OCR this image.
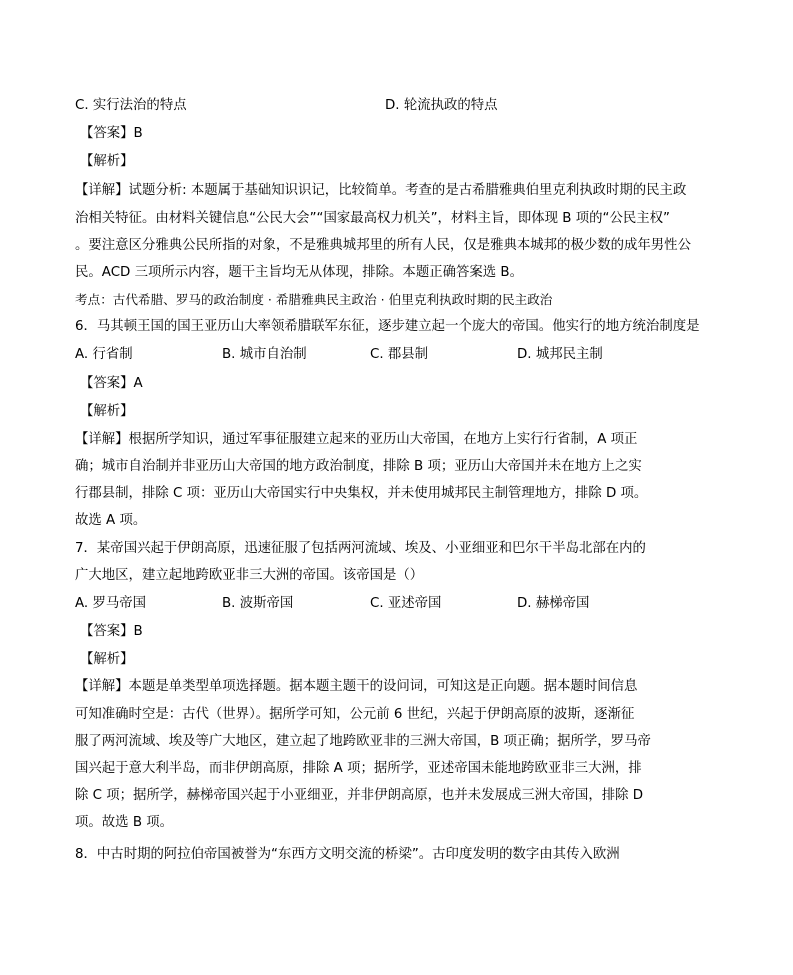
C. 实行法治的特点	D. 轮流执政的特点
【答案】B
【解析】
【详解】试题分析: 本题属于基础知识识记，比较简单。考查的是古希腊雅典伯里克利执政时期的民主政
治相关特征。由材料关键信息“公民大会”“国家最高权力机关”，材料主旨，即体现 B 项的“公民主权”
。要注意区分雅典公民所指的对象，不是雅典城邦里的所有人民，仅是雅典本城邦的极少数的成年男性公
民。ACD 三项所示内容，题干主旨均无从体现，排除。本题正确答案选 B。
考点：古代希腊、罗马的政治制度 · 希腊雅典民主政治 · 伯里克利执政时期的民主政治
6．马其顿王国的国王亚历山大率领希腊联军东征，逐步建立起一个庞大的帝国。他实行的地方统治制度是
A. 行省制	B. 城市自治制	C. 郡县制	D. 城邦民主制
【答案】A
【解析】
【详解】根据所学知识，通过军事征服建立起来的亚历山大帝国，在地方上实行行省制，A 项正
确；城市自治制并非亚历山大帝国的地方政治制度，排除 B 项；亚历山大帝国并未在地方上之实
行郡县制，排除 C 项：亚历山大帝国实行中央集权，并未使用城邦民主制管理地方，排除 D 项。
故选 A 项。
7．某帝国兴起于伊朗高原，迅速征服了包括两河流域、埃及、小亚细亚和巴尔干半岛北部在内的
广大地区，建立起地跨欧亚非三大洲的帝国。该帝国是（）
A. 罗马帝国	B. 波斯帝国	C. 亚述帝国	D. 赫梯帝国
【答案】B
【解析】
【详解】本题是单类型单项选择题。据本题主题干的设问词，可知这是正向题。据本题时间信息
可知准确时空是：古代（世界）。据所学可知，公元前 6 世纪，兴起于伊朗高原的波斯，逐渐征
服了两河流域、埃及等广大地区，建立起了地跨欧亚非的三洲大帝国，B 项正确；据所学，罗马帝
国兴起于意大利半岛，而非伊朗高原，排除 A 项；据所学，亚述帝国未能地跨欧亚非三大洲，排
除 C 项；据所学，赫梯帝国兴起于小亚细亚，并非伊朗高原，也并未发展成三洲大帝国，排除 D
项。故选 B 项。
8．中古时期的阿拉伯帝国被誉为“东西方文明交流的桥梁”。古印度发明的数字由其传入欧洲
